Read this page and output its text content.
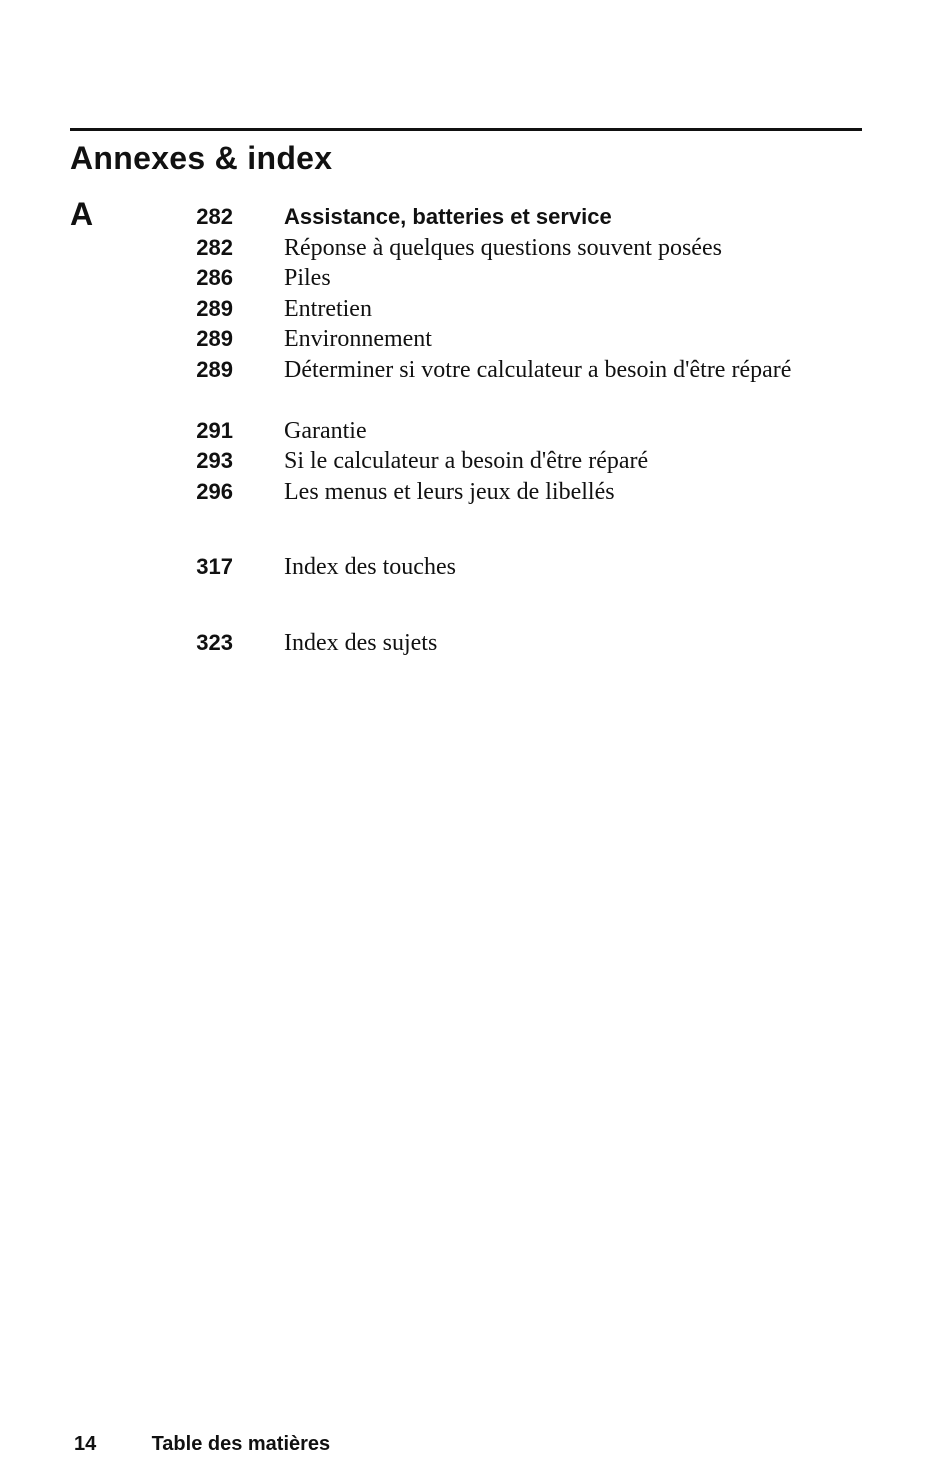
Annexes & index
A	282 Assistance, batteries et service
282 Réponse à quelques questions souvent posées
286 Piles
289 Entretien
289 Environnement
289 Déterminer si votre calculateur a besoin d'être réparé
291 Garantie
293 Si le calculateur a besoin d'être réparé
296 Les menus et leurs jeux de libellés
317 Index des touches
323 Index des sujets
14	Table des matières
